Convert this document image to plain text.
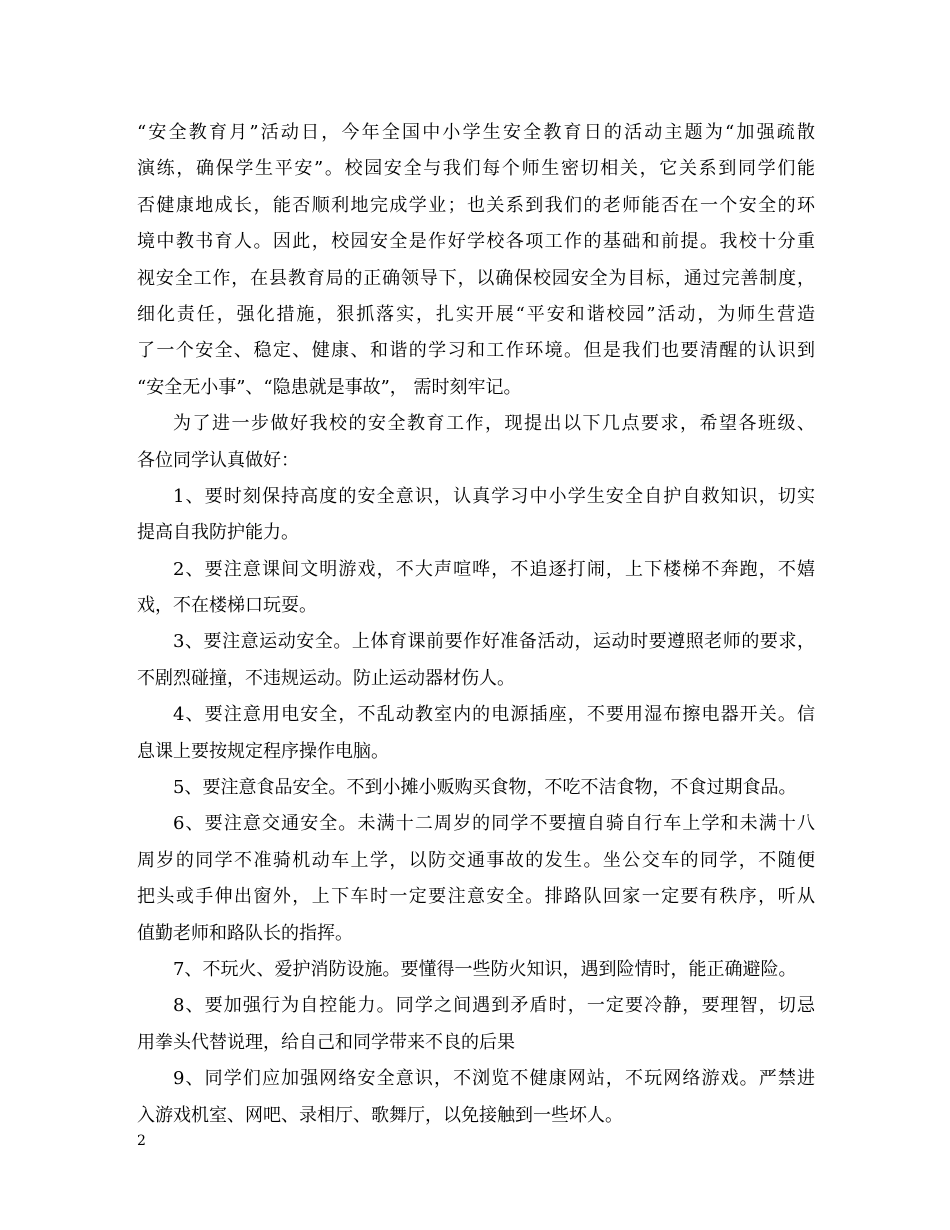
“安全教育月”活动日，今年全国中小学生安全教育日的活动主题为“加强疏散
演练，确保学生平安”。校园安全与我们每个师生密切相关，它关系到同学们能
否健康地成长，能否顺利地完成学业；也关系到我们的老师能否在一个安全的环
境中教书育人。因此，校园安全是作好学校各项工作的基础和前提。我校十分重
视安全工作，在县教育局的正确领导下，以确保校园安全为目标，通过完善制度，
细化责任，强化措施，狠抓落实，扎实开展“平安和谐校园”活动，为师生营造
了一个安全、稳定、健康、和谐的学习和工作环境。但是我们也要清醒的认识到
“安全无小事”、“隐患就是事故”， 需时刻牢记。
为了进一步做好我校的安全教育工作，现提出以下几点要求，希望各班级、
各位同学认真做好：
1、要时刻保持高度的安全意识，认真学习中小学生安全自护自救知识，切实
提高自我防护能力。
2、要注意课间文明游戏，不大声喧哗，不追逐打闹，上下楼梯不奔跑，不嬉
戏，不在楼梯口玩耍。
3、要注意运动安全。上体育课前要作好准备活动，运动时要遵照老师的要求，
不剧烈碰撞，不违规运动。防止运动器材伤人。
4、要注意用电安全，不乱动教室内的电源插座，不要用湿布擦电器开关。信
息课上要按规定程序操作电脑。
5、要注意食品安全。不到小摊小贩购买食物，不吃不洁食物，不食过期食品。
6、要注意交通安全。未满十二周岁的同学不要擅自骑自行车上学和未满十八
周岁的同学不准骑机动车上学，以防交通事故的发生。坐公交车的同学，不随便
把头或手伸出窗外，上下车时一定要注意安全。排路队回家一定要有秩序，听从
值勤老师和路队长的指挥。
7、不玩火、爱护消防设施。要懂得一些防火知识，遇到险情时，能正确避险。
8、要加强行为自控能力。同学之间遇到矛盾时，一定要冷静，要理智，切忌
用拳头代替说理，给自己和同学带来不良的后果
9、同学们应加强网络安全意识，不浏览不健康网站，不玩网络游戏。严禁进
入游戏机室、网吧、录相厅、歌舞厅，以免接触到一些坏人。
2
